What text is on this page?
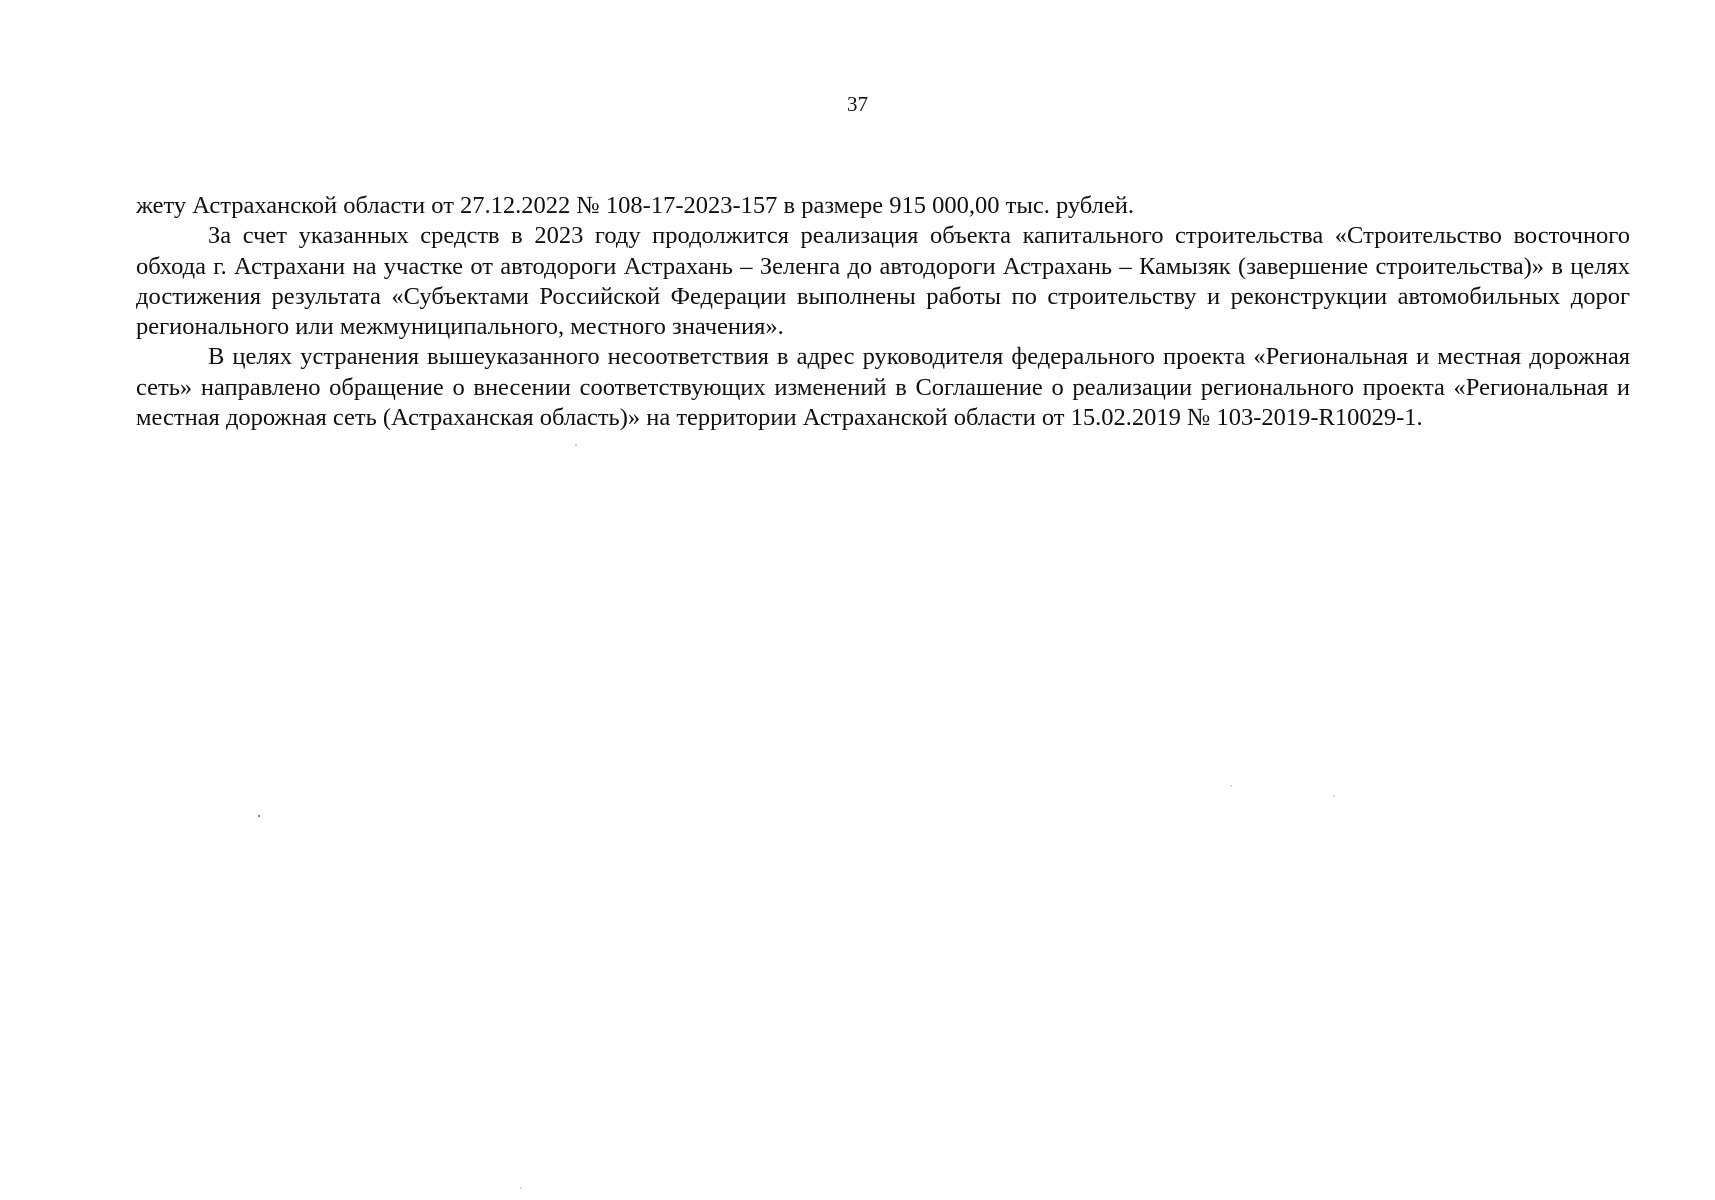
37

жету Астраханской области от 27.12.2022 № 108-17-2023-157 в размере 915 000,00 тыс. рублей.

За счет указанных средств в 2023 году продолжится реализация объекта капитального строительства «Строительство восточного обхода г. Астрахани на участке от автодороги Астрахань – Зеленга до автодороги Астрахань – Камызяк (завершение строительства)» в целях достижения результата «Субъектами Российской Федерации выполнены работы по строительству и реконструкции автомобильных дорог регионального или межмуниципального, местного значения».

В целях устранения вышеуказанного несоответствия в адрес руководителя федерального проекта «Региональная и местная дорожная сеть» направлено обращение о внесении соответствующих изменений в Соглашение о реализации регионального проекта «Региональная и местная дорожная сеть (Астраханская область)» на территории Астраханской области от 15.02.2019 № 103-2019-R10029-1.
